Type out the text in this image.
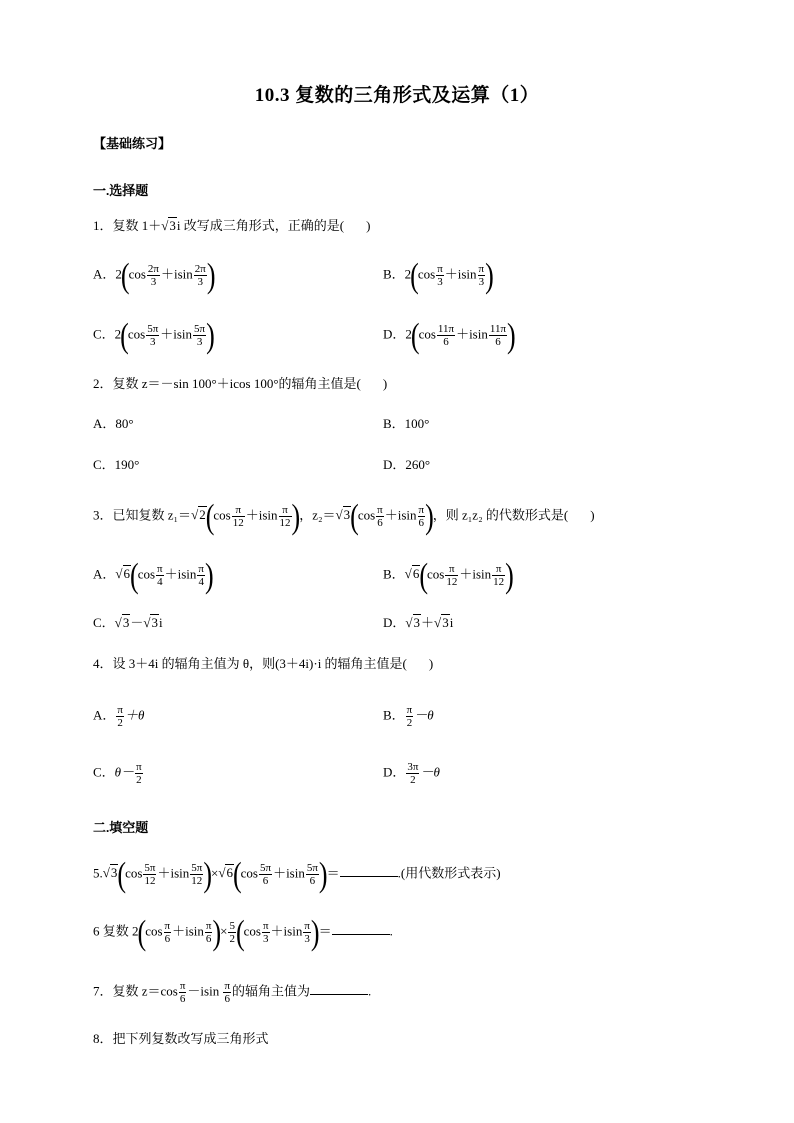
10.3 复数的三角形式及运算（1）
【基础练习】
一.选择题
1．复数 1＋√3i 改写成三角形式，正确的是( )
A．$2(\cos \frac{2\pi}{3} +isin \frac{2\pi}{3}$ )	B．$2(\cos \frac{\pi}{3} +isin \frac{\pi}{3}$ )
C．$2(\cos \frac{5\pi}{3} +isin \frac{5\pi}{3}$ )	D．$2(\cos \frac{11\pi}{6} +isin \frac{11\pi}{6}$ )
2．复数 z＝－sin 100°＋icos 100°的辐角主值是( )
A．80°	B．100°
C．190°	D．260°
3．已知复数 $z_1=√2(\cos \frac{\pi}{12} +isin \frac{\pi}{12}$ )，$z_2=√3(\cos \frac{\pi}{6} +isin \frac{\pi}{6}$ )，则 z₁z₂ 的代数形式是( )
A．$√6(\cos \frac{\pi}{4} +isin \frac{\pi}{4}$ )	B．$√6(\cos \frac{\pi}{12} +isin \frac{\pi}{12}$ )
C．√3－√3i	D．√3＋√3i
4．设 3＋4i 的辐角主值为 θ，则(3＋4i)·i 的辐角主值是( )
A． $\frac{\pi}{2} +\theta$	B． $\frac{\pi}{2} -\theta$
C．$\theta- \frac{\pi}{2}$	D． $\frac{3\pi}{2} -\theta$
二.填空题
$5.√3(\cos \frac{5\pi}{12} +isin \frac{5\pi}{12} )\times√6(\cos \frac{5\pi}{6} +isin \frac{5\pi}{6}$ )＝	.(用代数形式表示)
6 复数 $2(\cos \frac{\pi}{6} +isin \frac{\pi}{6}$ )× $\frac{5}{2} (\cos \frac{\pi}{3} +isin \frac{\pi}{3}$ )＝	.
7．复数 $z=\cos \frac{\pi}{6} -isin \frac{\pi}{6}$ 的辐角主值为	.
8．把下列复数改写成三角形式
